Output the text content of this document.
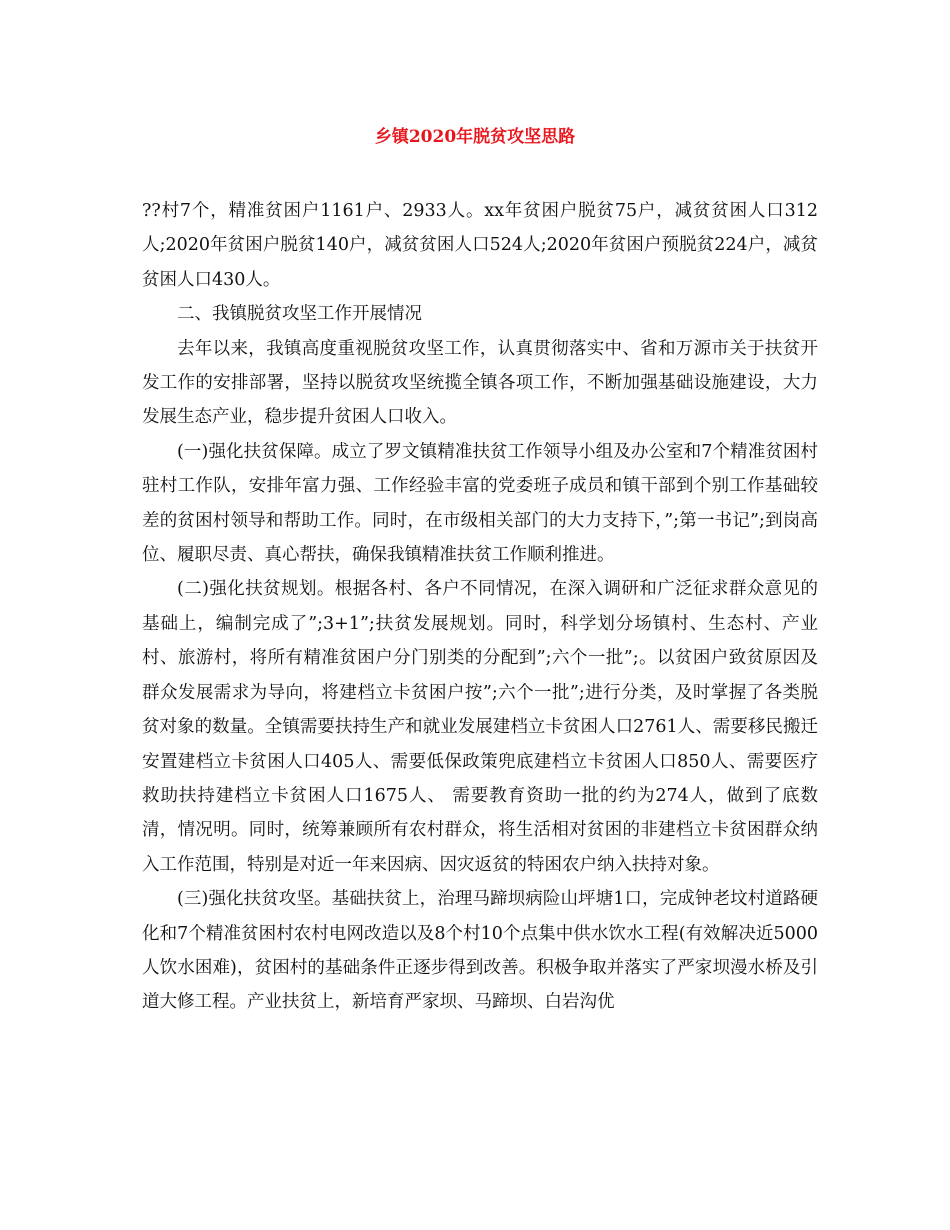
乡镇2020年脱贫攻坚思路

??村7个，精准贫困户1161户、2933人。xx年贫困户脱贫75户，减贫贫困人口312人;2020年贫困户脱贫140户，减贫贫困人口524人;2020年贫困户预脱贫224户，减贫贫困人口430人。

二、我镇脱贫攻坚工作开展情况

去年以来，我镇高度重视脱贫攻坚工作，认真贯彻落实中、省和万源市关于扶贫开发工作的安排部署，坚持以脱贫攻坚统揽全镇各项工作，不断加强基础设施建设，大力发展生态产业，稳步提升贫困人口收入。

(一)强化扶贫保障。成立了罗文镇精准扶贫工作领导小组及办公室和7个精准贫困村驻村工作队，安排年富力强、工作经验丰富的党委班子成员和镇干部到个别工作基础较差的贫困村领导和帮助工作。同时，在市级相关部门的大力支持下，”;第一书记”;到岗高位、履职尽责、真心帮扶，确保我镇精准扶贫工作顺利推进。

(二)强化扶贫规划。根据各村、各户不同情况，在深入调研和广泛征求群众意见的基础上，编制完成了”;3+1”;扶贫发展规划。同时，科学划分场镇村、生态村、产业村、旅游村，将所有精准贫困户分门别类的分配到”;六个一批”;。以贫困户致贫原因及群众发展需求为导向，将建档立卡贫困户按”;六个一批”;进行分类，及时掌握了各类脱贫对象的数量。全镇需要扶持生产和就业发展建档立卡贫困人口2761人、需要移民搬迁安置建档立卡贫困人口405人、需要低保政策兜底建档立卡贫困人口850人、需要医疗救助扶持建档立卡贫困人口1675人、 需要教育资助一批的约为274人，做到了底数清，情况明。同时，统筹兼顾所有农村群众，将生活相对贫困的非建档立卡贫困群众纳入工作范围，特别是对近一年来因病、因灾返贫的特困农户纳入扶持对象。

(三)强化扶贫攻坚。基础扶贫上，治理马蹄坝病险山坪塘1口，完成钟老坟村道路硬化和7个精准贫困村农村电网改造以及8个村10个点集中供水饮水工程(有效解决近5000人饮水困难)，贫困村的基础条件正逐步得到改善。积极争取并落实了严家坝漫水桥及引道大修工程。产业扶贫上，新培育严家坝、马蹄坝、白岩沟优
